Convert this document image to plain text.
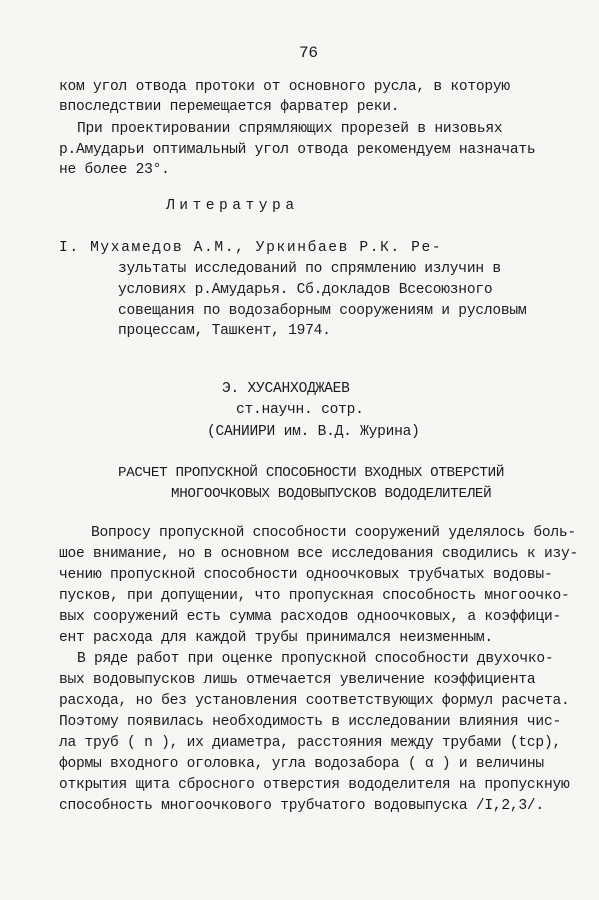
76
ком угол отвода протоки от основного русла, в которую
впоследствии перемещается фарватер реки.
При проектировании спрямляющих прорезей в низовьях
р.Амударьи оптимальный угол отвода рекомендуем назначать
не более 23°.
Литература
I. Мухамедов А.М., Уркинбаев Р.К. Ре-
зультаты исследований по спрямлению излучин в
условиях р.Амударья. Сб.докладов Всесоюзного
совещания по водозаборным сооружениям и русловым
процессам, Ташкент, 1974.
Э. ХУСАНХОДЖАЕВ
ст.научн. сотр.
(САНИИРИ им. В.Д. Журина)
РАСЧЕТ ПРОПУСКНОЙ СПОСОБНОСТИ ВХОДНЫХ ОТВЕРСТИЙ
МНОГООЧКОВЫХ ВОДОВЫПУСКОВ ВОДОДЕЛИТЕЛЕЙ
Вопросу пропускной способности сооружений уделялось боль-
шое внимание, но в основном все исследования сводились к изу-
чению пропускной способности одноочковых трубчатых водовы-
пусков, при допущении, что пропускная способность многоочко-
вых сооружений есть сумма расходов одноочковых, а коэффици-
ент расхода для каждой трубы принимался неизменным.
В ряде работ при оценке пропускной способности двухочко-
вых водовыпусков лишь отмечается увеличение коэффициента
расхода, но без установления соответствующих формул расчета.
Поэтому появилась необходимость в исследовании влияния чис-
ла труб ( n ), их диаметра, расстояния между трубами (tcp),
формы входного оголовка, угла водозабора ( α ) и величины
открытия щита сбросного отверстия вододелителя на пропускную
способность многоочкового трубчатого водовыпуска /I,2,3/.
